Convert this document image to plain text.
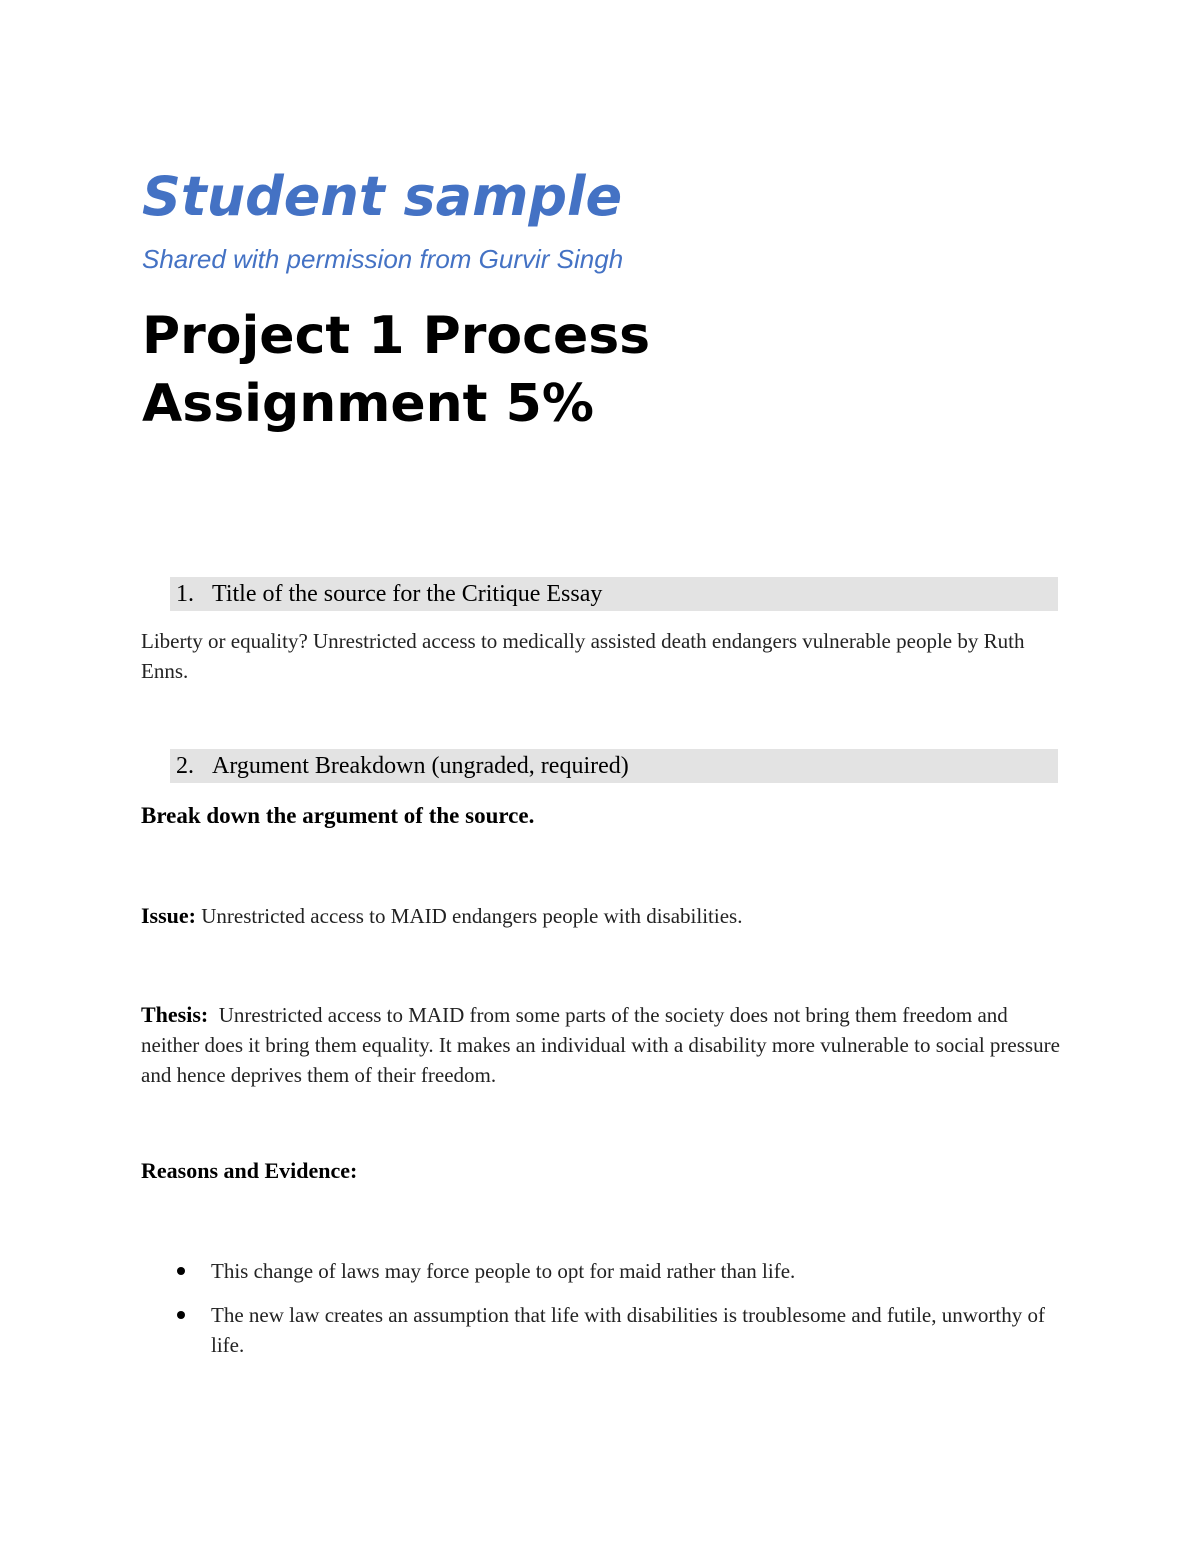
Student sample
Shared with permission from Gurvir Singh
Project 1 Process
Assignment 5%
1. Title of the source for the Critique Essay
Liberty or equality? Unrestricted access to medically assisted death endangers vulnerable people by Ruth Enns.
2. Argument Breakdown (ungraded, required)
Break down the argument of the source.
Issue: Unrestricted access to MAID endangers people with disabilities.
Thesis: Unrestricted access to MAID from some parts of the society does not bring them freedom and neither does it bring them equality. It makes an individual with a disability more vulnerable to social pressure and hence deprives them of their freedom.
Reasons and Evidence:
This change of laws may force people to opt for maid rather than life.
The new law creates an assumption that life with disabilities is troublesome and futile, unworthy of life.
